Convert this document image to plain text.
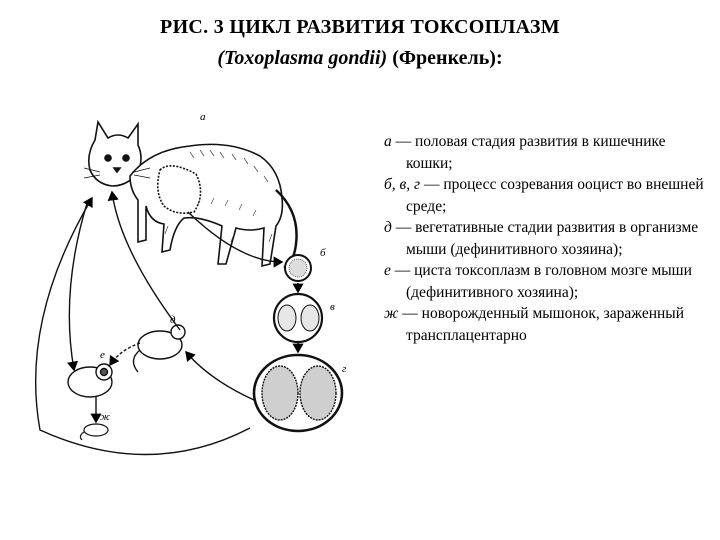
РИС. 3 ЦИКЛ РАЗВИТИЯ ТОКСОПЛАЗМ
(Toxoplasma gondii) (Френкель):
а
б
в
г
д
е
ж

а — половая стадия развития в кишечнике кошки;

б, в, г — процесс созревания ооцист во внешней среде;

д — вегетативные стадии развития в организме мыши (дефинитивного хозяина);

е — циста токсоплазм в головном мозге мыши (дефинитивного хозяина);

ж — новорожденный мышонок, зараженный трансплацентарно
